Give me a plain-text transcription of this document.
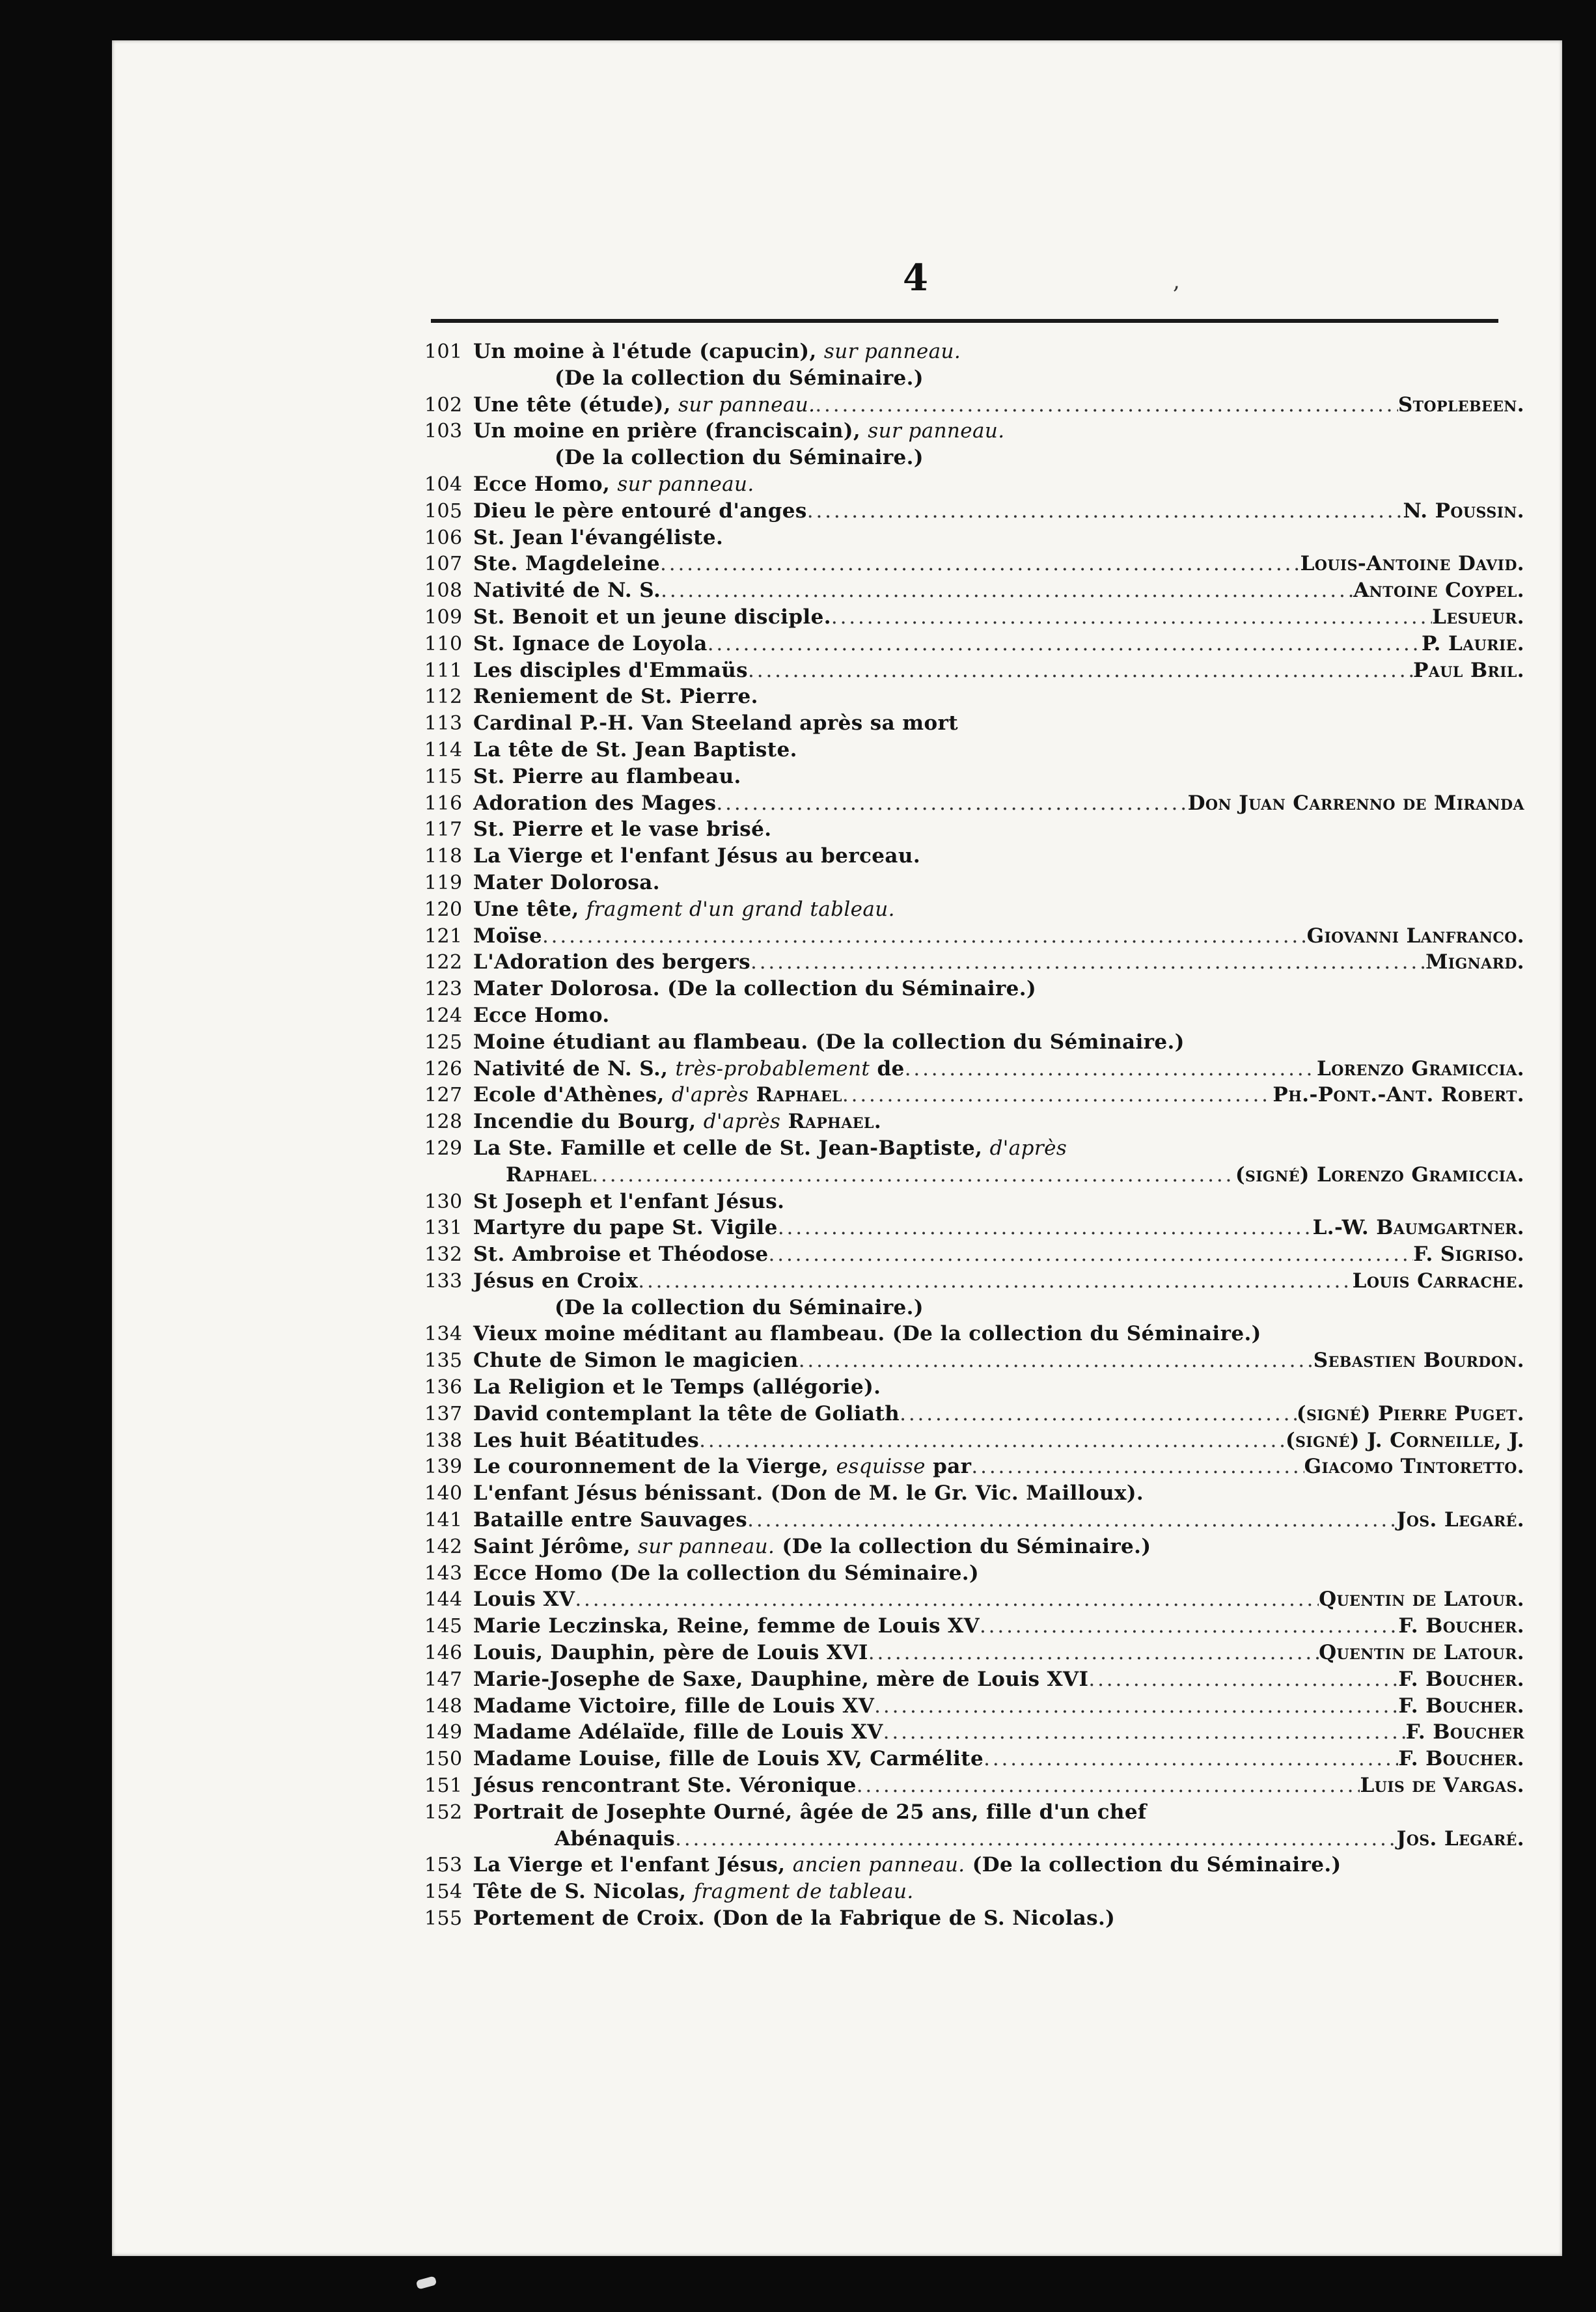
4	,
101 Un moine à l'étude (capucin), sur panneau.
(De la collection du Séminaire.)
102 Une tête (étude), sur panneau. . . .	Stoplebeen.
103 Un moine en prière (franciscain), sur panneau.
(De la collection du Séminaire.)
104 Ecce Homo, sur panneau.
105 Dieu le père entouré d'anges . . .	N. Poussin.
106 St. Jean l'évangéliste.
107 Ste. Magdeleine . . .	Louis-Antoine David.
108 Nativité de N. S. . . .	Antoine Coypel.
109 St. Benoit et un jeune disciple. . . .	Lesueur.
110 St. Ignace de Loyola . . .	P. Laurie.
111 Les disciples d'Emmaüs . . .	Paul Bril.
112 Reniement de St. Pierre.
113 Cardinal P.-H. Van Steeland après sa mort
114 La tête de St. Jean Baptiste.
115 St. Pierre au flambeau.
116 Adoration des Mages . . .	Don Juan Carrenno de Miranda
117 St. Pierre et le vase brisé.
118 La Vierge et l'enfant Jésus au berceau.
119 Mater Dolorosa.
120 Une tête, fragment d'un grand tableau.
121 Moïse . . .	Giovanni Lanfranco.
122 L'Adoration des bergers . . .	Mignard.
123 Mater Dolorosa. (De la collection du Séminaire.)
124 Ecce Homo.
125 Moine étudiant au flambeau. (De la collection du Séminaire.)
126 Nativité de N. S., très-probablement de . . .	Lorenzo Gramiccia.
127 Ecole d'Athènes, d'après Raphael . . .	Ph.-Pont.-Ant. Robert.
128 Incendie du Bourg, d'après Raphael.
129 La Ste. Famille et celle de St. Jean-Baptiste, d'après
Raphael . . .	(signé) Lorenzo Gramiccia.
130 St Joseph et l'enfant Jésus.
131 Martyre du pape St. Vigile . . .	L.-W. Baumgartner.
132 St. Ambroise et Théodose . . .	F. Sigriso.
133 Jésus en Croix . . .	Louis Carrache.
(De la collection du Séminaire.)
134 Vieux moine méditant au flambeau. (De la collection du Séminaire.)
135 Chute de Simon le magicien . . .	Sebastien Bourdon.
136 La Religion et le Temps (allégorie).
137 David contemplant la tête de Goliath . . .	(signé) Pierre Puget.
138 Les huit Béatitudes . . .	(signé) J. Corneille, J.
139 Le couronnement de la Vierge, esquisse par . . .	Giacomo Tintoretto.
140 L'enfant Jésus bénissant. (Don de M. le Gr. Vic. Mailloux).
141 Bataille entre Sauvages . . .	Jos. Legaré.
142 Saint Jérôme, sur panneau. (De la collection du Séminaire.)
143 Ecce Homo (De la collection du Séminaire.)
144 Louis XV . . .	Quentin de Latour.
145 Marie Leczinska, Reine, femme de Louis XV . . .	F. Boucher.
146 Louis, Dauphin, père de Louis XVI . . .	Quentin de Latour.
147 Marie-Josephe de Saxe, Dauphine, mère de Louis XVI . . .	F. Boucher.
148 Madame Victoire, fille de Louis XV . . .	F. Boucher.
149 Madame Adélaïde, fille de Louis XV . . .	F. Boucher
150 Madame Louise, fille de Louis XV, Carmélite . . .	F. Boucher.
151 Jésus rencontrant Ste. Véronique . . .	Luis de Vargas.
152 Portrait de Josephte Ourné, âgée de 25 ans, fille d'un chef
Abénaquis . . .	Jos. Legaré.
153 La Vierge et l'enfant Jésus, ancien panneau. (De la collection du Séminaire.)
154 Tête de S. Nicolas, fragment de tableau.
155 Portement de Croix. (Don de la Fabrique de S. Nicolas.)
